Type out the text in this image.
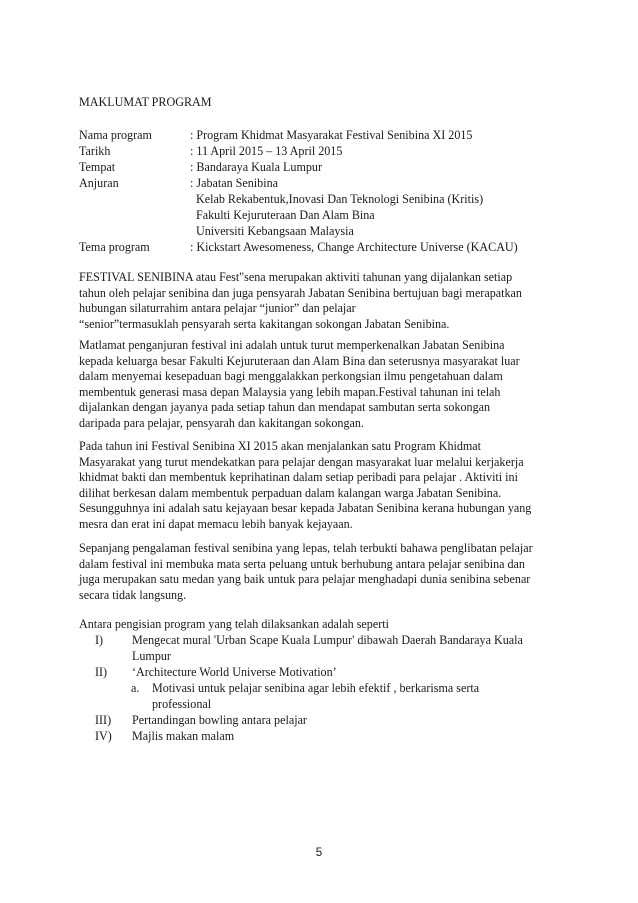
MAKLUMAT PROGRAM
Nama program	: Program Khidmat Masyarakat Festival Senibina XI 2015
Tarikh	: 11 April 2015 – 13 April 2015
Tempat	: Bandaraya Kuala Lumpur
Anjuran	: Jabatan Senibina
Kelab Rekabentuk,Inovasi Dan Teknologi Senibina (Kritis)
Fakulti Kejuruteraan Dan Alam Bina
Universiti Kebangsaan Malaysia
Tema program	: Kickstart Awesomeness, Change Architecture Universe (KACAU)
FESTIVAL SENIBINA atau Fest"sena merupakan aktiviti tahunan yang dijalankan setiap
tahun oleh pelajar senibina dan juga pensyarah Jabatan Senibina bertujuan bagi merapatkan
hubungan silaturrahim antara pelajar “junior” dan pelajar
“senior”termasuklah pensyarah serta kakitangan sokongan Jabatan Senibina.
Matlamat penganjuran festival ini adalah untuk turut memperkenalkan Jabatan Senibina
kepada keluarga besar Fakulti Kejuruteraan dan Alam Bina dan seterusnya masyarakat luar
dalam menyemai kesepaduan bagi menggalakkan perkongsian ilmu pengetahuan dalam
membentuk generasi masa depan Malaysia yang lebih mapan.Festival tahunan ini telah
dijalankan dengan jayanya pada setiap tahun dan mendapat sambutan serta sokongan
daripada para pelajar, pensyarah dan kakitangan sokongan.
Pada tahun ini Festival Senibina XI 2015 akan menjalankan satu Program Khidmat
Masyarakat yang turut mendekatkan para pelajar dengan masyarakat luar melalui kerjakerja
khidmat bakti dan membentuk keprihatinan dalam setiap peribadi para pelajar . Aktiviti ini
dilihat berkesan dalam membentuk perpaduan dalam kalangan warga Jabatan Senibina.
Sesungguhnya ini adalah satu kejayaan besar kepada Jabatan Senibina kerana hubungan yang
mesra dan erat ini dapat memacu lebih banyak kejayaan.
Sepanjang pengalaman festival senibina yang lepas, telah terbukti bahawa penglibatan pelajar
dalam festival ini membuka mata serta peluang untuk berhubung antara pelajar senibina dan
juga merupakan satu medan yang baik untuk para pelajar menghadapi dunia senibina sebenar
secara tidak langsung.
Antara pengisian program yang telah dilaksankan adalah seperti
I) Mengecat mural 'Urban Scape Kuala Lumpur' dibawah Daerah Bandaraya Kuala
Lumpur
II) ‘Architecture World Universe Motivation’
a. Motivasi untuk pelajar senibina agar lebih efektif , berkarisma serta
professional
III) Pertandingan bowling antara pelajar
IV) Majlis makan malam
5
